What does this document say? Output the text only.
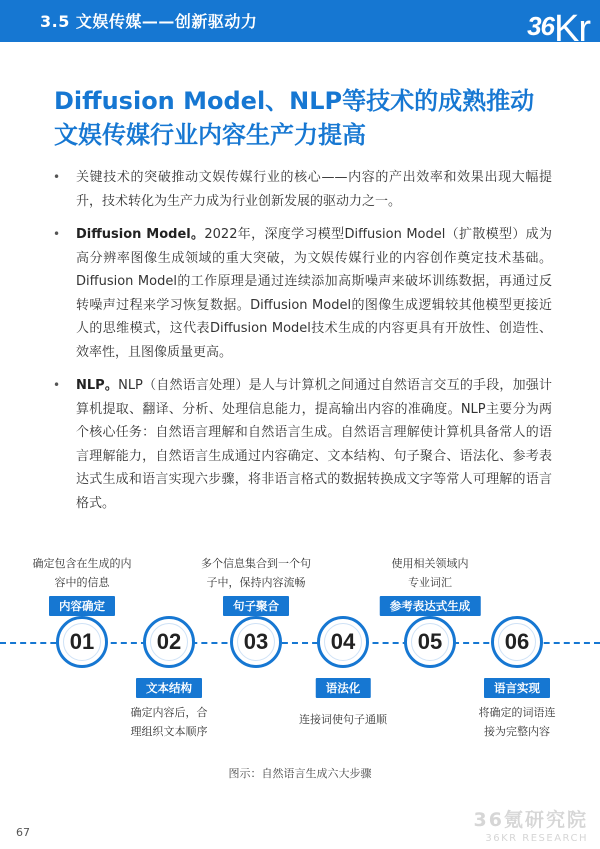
3.5 文娱传媒——创新驱动力	36Kr
Diffusion Model、NLP等技术的成熟推动文娱传媒行业内容生产力提高
• 关键技术的突破推动文娱传媒行业的核心——内容的产出效率和效果出现大幅提升，技术转化为生产力成为行业创新发展的驱动力之一。
• Diffusion Model。2022年，深度学习模型Diffusion Model（扩散模型）成为高分辨率图像生成领域的重大突破，为文娱传媒行业的内容创作奠定技术基础。Diffusion Model的工作原理是通过连续添加高斯噪声来破坏训练数据，再通过反转噪声过程来学习恢复数据。Diffusion Model的图像生成逻辑较其他模型更接近人的思维模式，这代表Diffusion Model技术生成的内容更具有开放性、创造性、效率性，且图像质量更高。
• NLP。NLP（自然语言处理）是人与计算机之间通过自然语言交互的手段，加强计算机提取、翻译、分析、处理信息能力，提高输出内容的准确度。NLP主要分为两个核心任务：自然语言理解和自然语言生成。自然语言理解使计算机具备常人的语言理解能力，自然语言生成通过内容确定、文本结构、句子聚合、语法化、参考表达式生成和语言实现六步骤，将非语言格式的数据转换成文字等常人可理解的语言格式。
确定包含在生成的内
容中的信息
内容确定
01	02
文本结构
确定内容后，合
理组织文本顺序
多个信息集合到一个句
子中，保持内容流畅
句子聚合
03	04
语法化
连接词使句子通顺
使用相关领域内
专业词汇
参考表达式生成
05	06
语言实现
将确定的词语连
接为完整内容
图示：自然语言生成六大步骤
36氪研究院
36KR RESEARCH
67
